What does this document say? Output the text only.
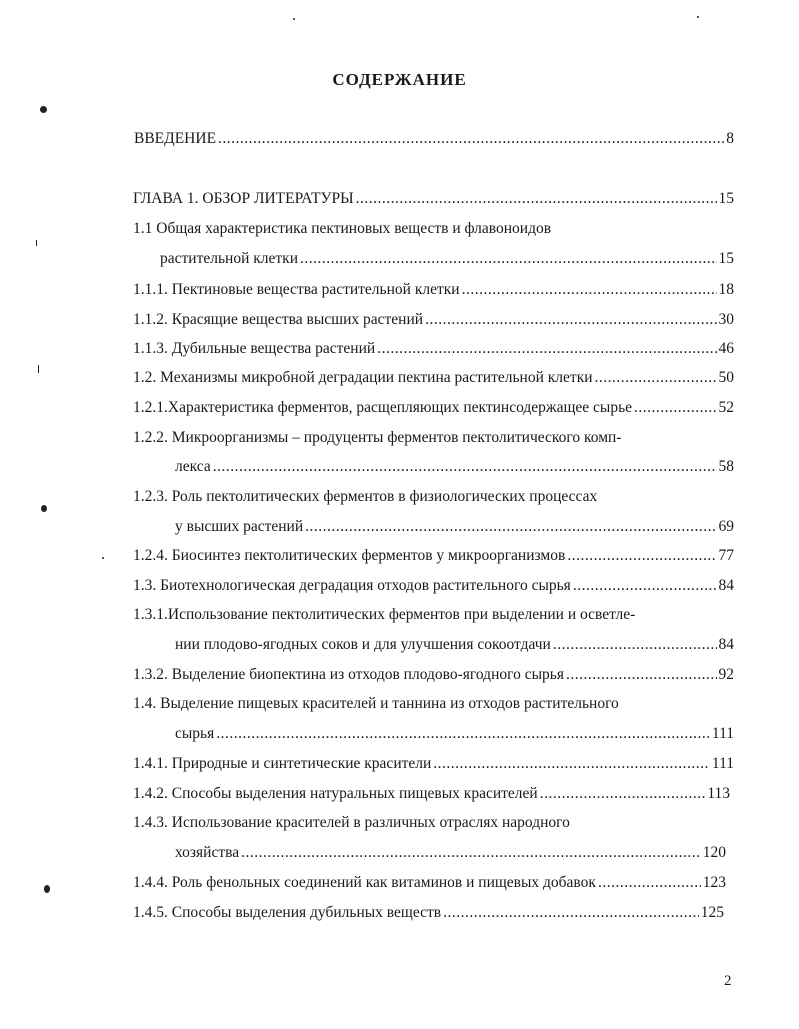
СОДЕРЖАНИЕ
ВВЕДЕНИЕ .....	8
ГЛАВА 1. ОБЗОР ЛИТЕРАТУРЫ .....	15
1.1 Общая характеристика пектиновых веществ и флавоноидов
растительной клетки .....	15
1.1.1. Пектиновые вещества растительной клетки .....	18
1.1.2. Красящие вещества высших растений .....	30
1.1.3. Дубильные вещества растений .....	46
1.2. Механизмы микробной деградации пектина растительной клетки .....	50
1.2.1.Характеристика ферментов, расщепляющих пектинсодержащее сырье .....	52
1.2.2. Микроорганизмы – продуценты ферментов пектолитического комп-
лекса .....	58
1.2.3. Роль пектолитических ферментов в физиологических процессах
у высших растений .....	69
1.2.4. Биосинтез пектолитических ферментов у микроорганизмов .....	77
1.3. Биотехнологическая деградация отходов растительного сырья .....	84
1.3.1.Использование пектолитических ферментов при выделении и осветле-
нии плодово-ягодных соков и для улучшения сокоотдачи .....	84
1.3.2. Выделение биопектина из отходов плодово-ягодного сырья .....	92
1.4. Выделение пищевых красителей и таннина из отходов растительного
сырья .....	111
1.4.1. Природные и синтетические красители .....	111
1.4.2. Способы выделения натуральных пищевых красителей .....	113
1.4.3. Использование красителей в различных отраслях народного
хозяйства .....	120
1.4.4. Роль фенольных соединений как витаминов и пищевых добавок .....	123
1.4.5. Способы выделения дубильных веществ .....	125
2
